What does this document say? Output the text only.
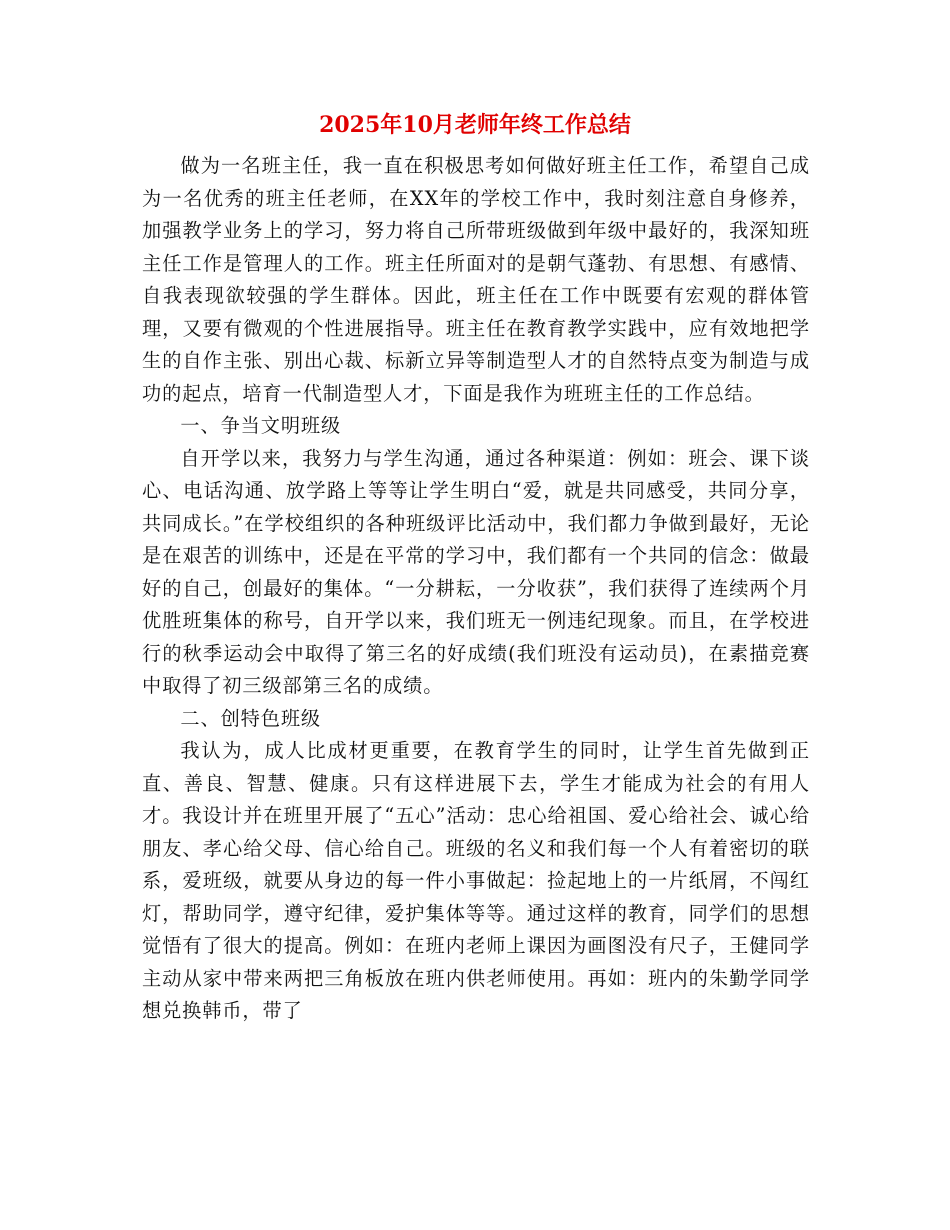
2025年10月老师年终工作总结

做为一名班主任，我一直在积极思考如何做好班主任工作，希望自己成为一名优秀的班主任老师，在XX年的学校工作中，我时刻注意自身修养，加强教学业务上的学习，努力将自己所带班级做到年级中最好的，我深知班主任工作是管理人的工作。班主任所面对的是朝气蓬勃、有思想、有感情、自我表现欲较强的学生群体。因此，班主任在工作中既要有宏观的群体管理，又要有微观的个性进展指导。班主任在教育教学实践中，应有效地把学生的自作主张、别出心裁、标新立异等制造型人才的自然特点变为制造与成功的起点，培育一代制造型人才，下面是我作为班班主任的工作总结。

一、争当文明班级

自开学以来，我努力与学生沟通，通过各种渠道：例如：班会、课下谈心、电话沟通、放学路上等等让学生明白“爱，就是共同感受，共同分享，共同成长。”在学校组织的各种班级评比活动中，我们都力争做到最好，无论是在艰苦的训练中，还是在平常的学习中，我们都有一个共同的信念：做最好的自己，创最好的集体。“一分耕耘，一分收获”，我们获得了连续两个月优胜班集体的称号，自开学以来，我们班无一例违纪现象。而且，在学校进行的秋季运动会中取得了第三名的好成绩(我们班没有运动员)，在素描竞赛中取得了初三级部第三名的成绩。

二、创特色班级

我认为，成人比成材更重要，在教育学生的同时，让学生首先做到正直、善良、智慧、健康。只有这样进展下去，学生才能成为社会的有用人才。我设计并在班里开展了“五心”活动：忠心给祖国、爱心给社会、诚心给朋友、孝心给父母、信心给自己。班级的名义和我们每一个人有着密切的联系，爱班级，就要从身边的每一件小事做起：捡起地上的一片纸屑，不闯红灯，帮助同学，遵守纪律，爱护集体等等。通过这样的教育，同学们的思想觉悟有了很大的提高。例如：在班内老师上课因为画图没有尺子，王健同学主动从家中带来两把三角板放在班内供老师使用。再如：班内的朱勤学同学想兑换韩币，带了
